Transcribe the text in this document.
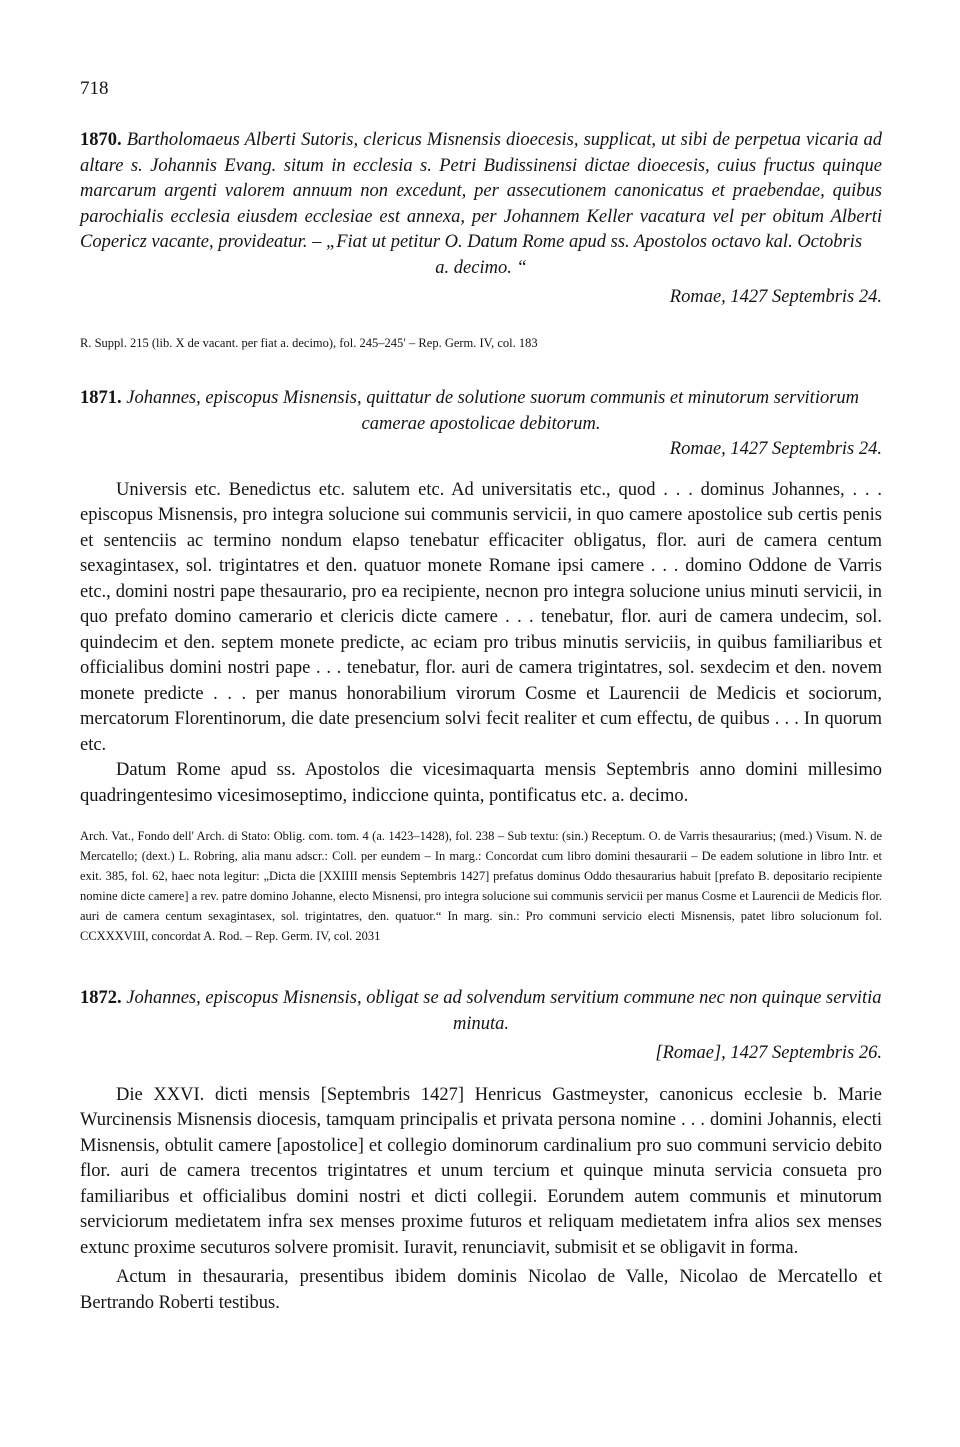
718

1870. Bartholomaeus Alberti Sutoris, clericus Misnensis dioecesis, supplicat, ut sibi de perpetua vicaria ad altare s. Johannis Evang. situm in ecclesia s. Petri Budissinensi dictae dioecesis, cuius fructus quinque marcarum argenti valorem annuum non excedunt, per assecutionem canonicatus et praebendae, quibus parochialis ecclesia eiusdem ecclesiae est annexa, per Johannem Keller vacatura vel per obitum Alberti Copericz vacante, provideatur. – „Fiat ut petitur O. Datum Rome apud ss. Apostolos octavo kal. Octobris

a. decimo. “

Romae, 1427 Septembris 24.

R. Suppl. 215 (lib. X de vacant. per fiat a. decimo), fol. 245–245′ – Rep. Germ. IV, col. 183

1871. Johannes, episcopus Misnensis, quittatur de solutione suorum communis et minutorum servitiorum

camerae apostolicae debitorum.

Romae, 1427 Septembris 24.

Universis etc. Benedictus etc. salutem etc. Ad universitatis etc., quod . . . dominus Johannes, . . . episcopus Misnensis, pro integra solucione sui communis servicii, in quo camere apostolice sub certis penis et sentenciis ac termino nondum elapso tenebatur efficaciter obligatus, flor. auri de camera centum sexagintasex, sol. trigintatres et den. quatuor monete Romane ipsi camere . . . domino Oddone de Varris etc., domini nostri pape thesaurario, pro ea recipiente, necnon pro integra solucione unius minuti servicii, in quo prefato domino camerario et clericis dicte camere . . . tenebatur, flor. auri de camera undecim, sol. quindecim et den. septem monete predicte, ac eciam pro tribus minutis serviciis, in quibus familiaribus et officialibus domini nostri pape . . . tenebatur, flor. auri de camera trigintatres, sol. sexdecim et den. novem monete predicte . . . per manus honorabilium virorum Cosme et Laurencii de Medicis et sociorum, mercatorum Florentinorum, die date presencium solvi fecit realiter et cum effectu, de quibus . . . In quorum etc.

Datum Rome apud ss. Apostolos die vicesimaquarta mensis Septembris anno domini millesimo quadringentesimo vicesimoseptimo, indiccione quinta, pontificatus etc. a. decimo.

Arch. Vat., Fondo dell' Arch. di Stato: Oblig. com. tom. 4 (a. 1423–1428), fol. 238 – Sub textu: (sin.) Receptum. O. de Varris thesaurarius; (med.) Visum. N. de Mercatello; (dext.) L. Robring, alia manu adscr.: Coll. per eundem – In marg.: Concordat cum libro domini thesaurarii – De eadem solutione in libro Intr. et exit. 385, fol. 62, haec nota legitur: „Dicta die [XXIIII mensis Septembris 1427] prefatus dominus Oddo thesaurarius habuit [prefato B. depositario recipiente nomine dicte camere] a rev. patre domino Johanne, electo Misnensi, pro integra solucione sui communis servicii per manus Cosme et Laurencii de Medicis flor. auri de camera centum sexagintasex, sol. trigintatres, den. quatuor.“ In marg. sin.: Pro communi servicio electi Misnensis, patet libro solucionum fol. CCXXXVIII, concordat A. Rod. – Rep. Germ. IV, col. 2031

1872. Johannes, episcopus Misnensis, obligat se ad solvendum servitium commune nec non quinque servitia

minuta.

[Romae], 1427 Septembris 26.

Die XXVI. dicti mensis [Septembris 1427] Henricus Gastmeyster, canonicus ecclesie b. Marie Wurcinensis Misnensis diocesis, tamquam principalis et privata persona nomine . . . domini Johannis, electi Misnensis, obtulit camere [apostolice] et collegio dominorum cardinalium pro suo communi servicio debito flor. auri de camera trecentos trigintatres et unum tercium et quinque minuta servicia consueta pro familiaribus et officialibus domini nostri et dicti collegii. Eorundem autem communis et minutorum serviciorum medietatem infra sex menses proxime futuros et reliquam medietatem infra alios sex menses extunc proxime secuturos solvere promisit. Iuravit, renunciavit, submisit et se obligavit in forma.

Actum in thesauraria, presentibus ibidem dominis Nicolao de Valle, Nicolao de Mercatello et Bertrando Roberti testibus.
